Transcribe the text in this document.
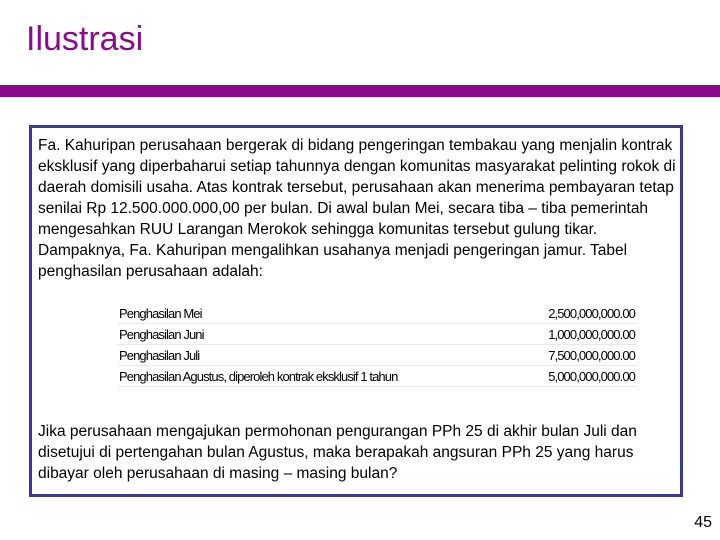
Ilustrasi

Fa. Kahuripan perusahaan bergerak di bidang pengeringan tembakau yang menjalin kontrak eksklusif yang diperbaharui setiap tahunnya dengan komunitas masyarakat pelinting rokok di daerah domisili usaha. Atas kontrak tersebut, perusahaan akan menerima pembayaran tetap senilai Rp 12.500.000.000,00 per bulan. Di awal bulan Mei, secara tiba – tiba pemerintah mengesahkan RUU Larangan Merokok sehingga komunitas tersebut gulung tikar. Dampaknya, Fa. Kahuripan mengalihkan usahanya menjadi pengeringan jamur. Tabel penghasilan perusahaan adalah:

Penghasilan Mei	2,500,000,000.00
Penghasilan Juni	1,000,000,000.00
Penghasilan Juli	7,500,000,000.00
Penghasilan Agustus, diperoleh kontrak eksklusif 1 tahun	5,000,000,000.00

Jika perusahaan mengajukan permohonan pengurangan PPh 25 di akhir bulan Juli dan disetujui di pertengahan bulan Agustus, maka berapakah angsuran PPh 25 yang harus dibayar oleh perusahaan di masing – masing bulan?

45
